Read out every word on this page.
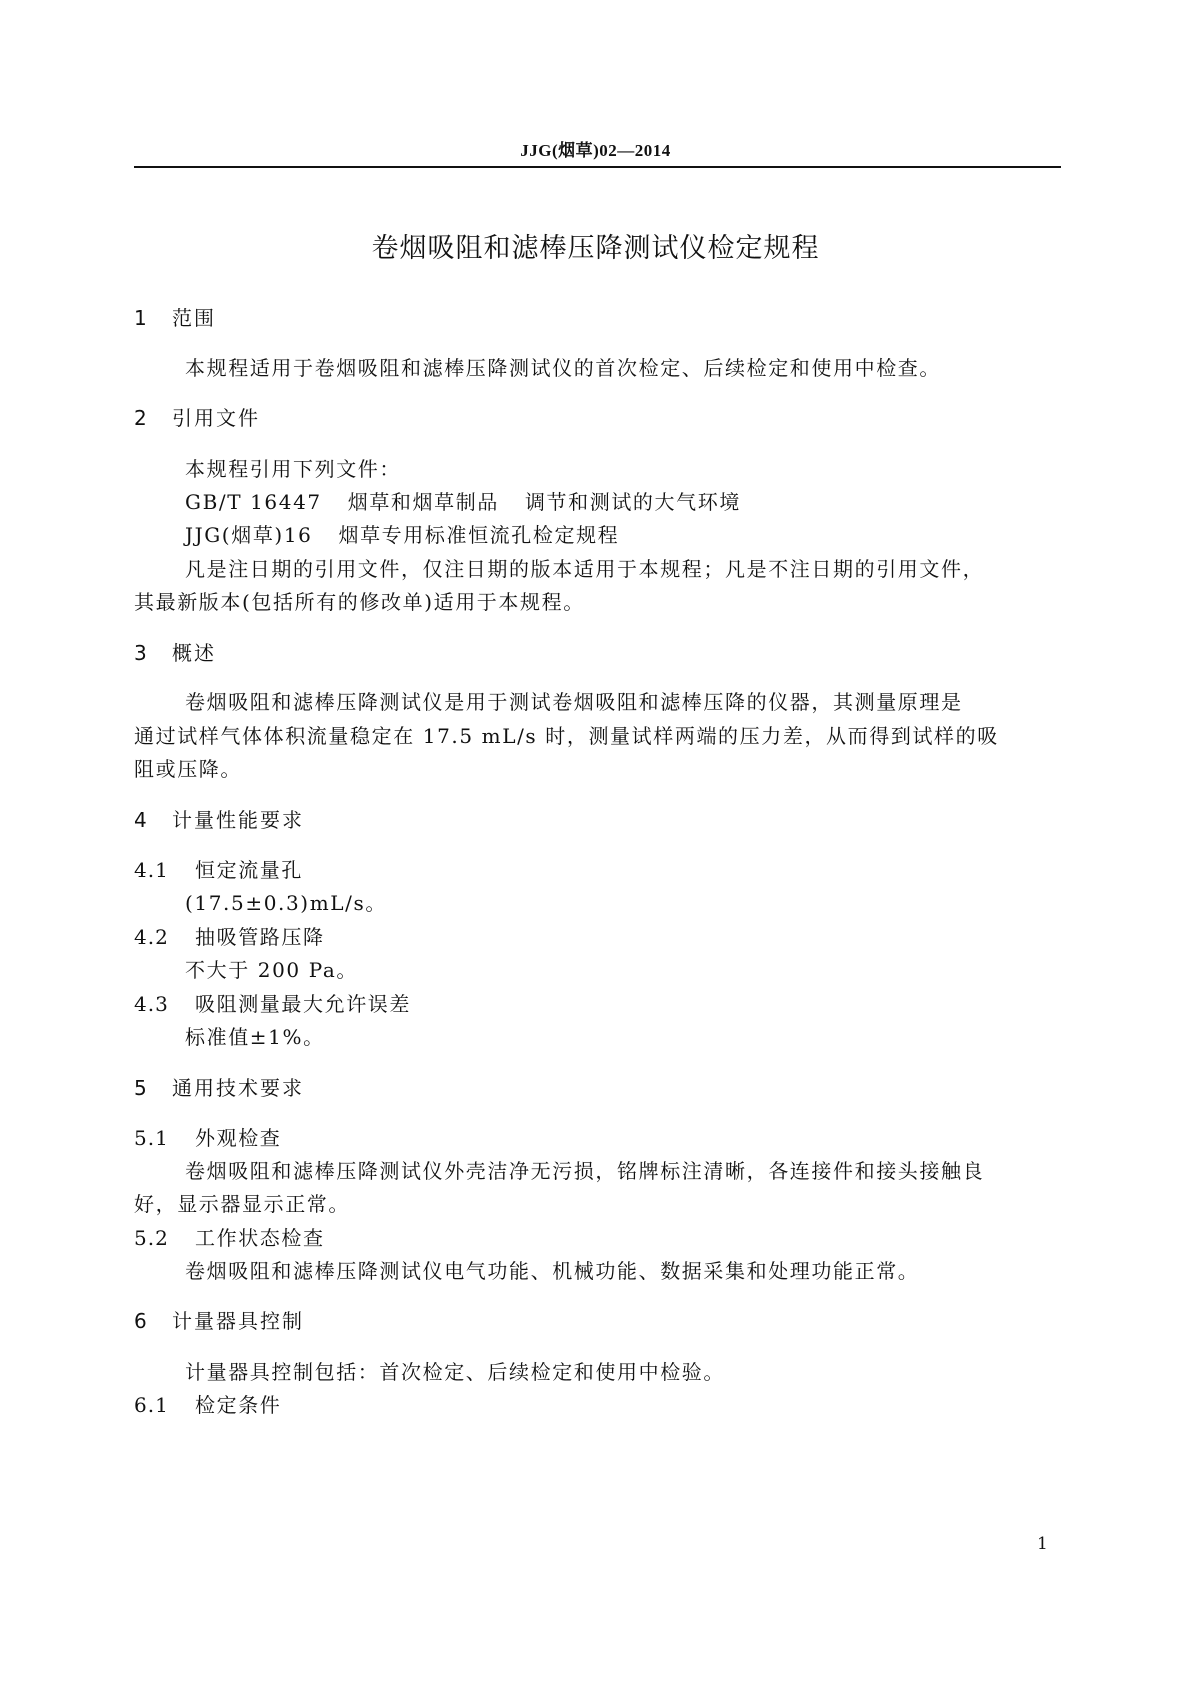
JJG(烟草)02—2014
卷烟吸阻和滤棒压降测试仪检定规程
1 范围
本规程适用于卷烟吸阻和滤棒压降测试仪的首次检定、后续检定和使用中检查。
2 引用文件
本规程引用下列文件：
GB/T 16447 烟草和烟草制品 调节和测试的大气环境
JJG(烟草)16 烟草专用标准恒流孔检定规程
凡是注日期的引用文件，仅注日期的版本适用于本规程；凡是不注日期的引用文件，
其最新版本(包括所有的修改单)适用于本规程。
3 概述
卷烟吸阻和滤棒压降测试仪是用于测试卷烟吸阻和滤棒压降的仪器，其测量原理是
通过试样气体体积流量稳定在 17.5 mL/s 时，测量试样两端的压力差，从而得到试样的吸
阻或压降。
4 计量性能要求
4.1 恒定流量孔
(17.5±0.3)mL/s。
4.2 抽吸管路压降
不大于 200 Pa。
4.3 吸阻测量最大允许误差
标准值±1%。
5 通用技术要求
5.1 外观检查
卷烟吸阻和滤棒压降测试仪外壳洁净无污损，铭牌标注清晰，各连接件和接头接触良
好，显示器显示正常。
5.2 工作状态检查
卷烟吸阻和滤棒压降测试仪电气功能、机械功能、数据采集和处理功能正常。
6 计量器具控制
计量器具控制包括：首次检定、后续检定和使用中检验。
6.1 检定条件
1
